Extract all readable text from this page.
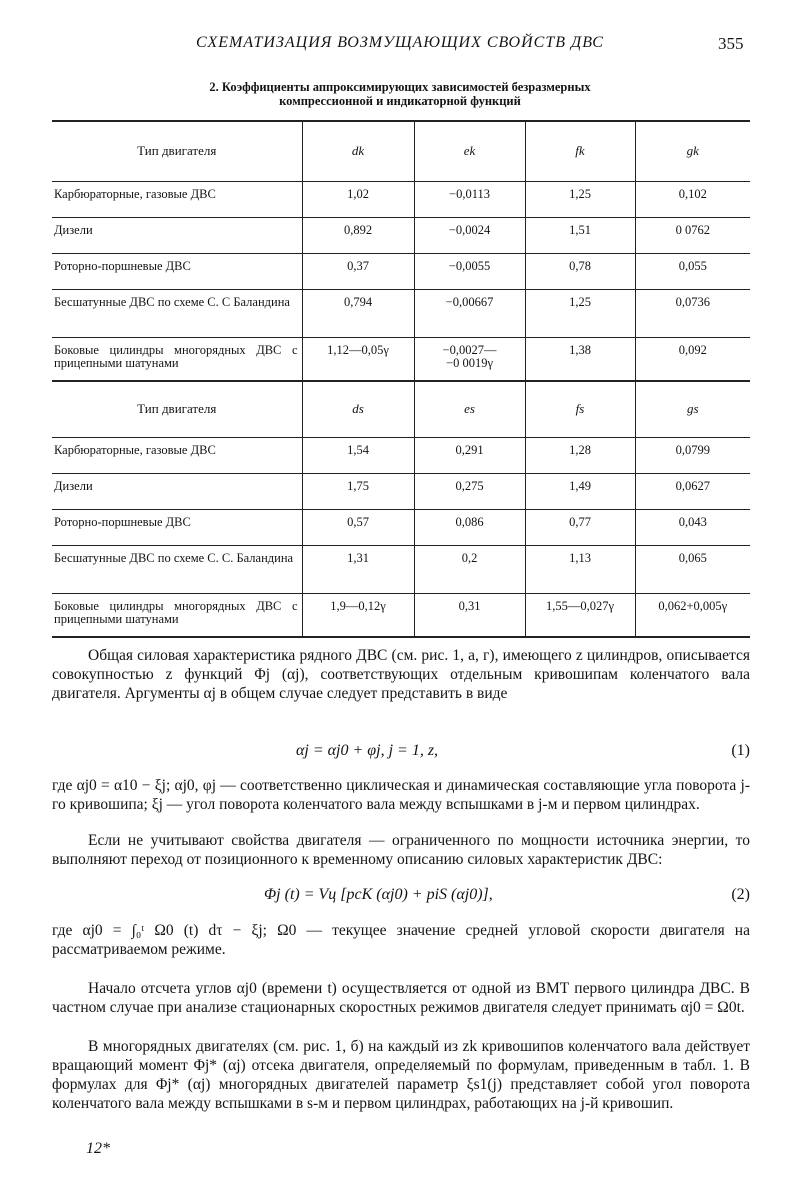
СХЕМАТИЗАЦИЯ ВОЗМУЩАЮЩИХ СВОЙСТВ ДВС	355
2. Коэффициенты аппроксимирующих зависимостей безразмерных
компрессионной и индикаторной функций
Тип двигателя	dk	ek	fk	gk
Карбюраторные, газовые ДВС	1,02	−0,0113	1,25	0,102
Дизели	0,892	−0,0024	1,51	0 0762
Роторно-поршневые ДВС	0,37	−0,0055	0,78	0,055
Бесшатунные ДВС по схеме С. С Баландина	0,794	−0,00667	1,25	0,0736
Боковые цилиндры многорядных ДВС с прицепными шатунами	1,12—0,05γ	−0,0027— −0 0019γ	1,38	0,092
Тип двигателя	ds	es	fs	gs
Карбюраторные, газовые ДВС	1,54	0,291	1,28	0,0799
Дизели	1,75	0,275	1,49	0,0627
Роторно-поршневые ДВС	0,57	0,086	0,77	0,043
Бесшатунные ДВС по схеме С. С. Баландина	1,31	0,2	1,13	0,065
Боковые цилиндры многорядных ДВС с прицепными шатунами	1,9—0,12γ	0,31	1,55—0,027γ	0,062+0,005γ

Общая силовая характеристика рядного ДВС (см. рис. 1, а, г), имеющего z цилиндров, описывается совокупностью z функций Φj (αj), соответствующих отдельным кривошипам коленчатого вала двигателя. Аргументы αj в общем случае следует представить в виде

αj = αj0 + φj, j = 1, z,	(1)

где αj0 = α10 − ξj; αj0, φj — соответственно циклическая и динамическая составляющие угла поворота j-го кривошипа; ξj — угол поворота коленчатого вала между вспышками в j-м и первом цилиндрах.

Если не учитывают свойства двигателя — ограниченного по мощности источника энергии, то выполняют переход от позиционного к временному описанию силовых характеристик ДВС:

Φj (t) = Vц [pcK (αj0) + piS (αj0)],	(2)

где αj0 = ∫₀ᵗ Ω0 (t) dτ − ξj; Ω0 — текущее значение средней угловой скорости двигателя на рассматриваемом режиме.

Начало отсчета углов αj0 (времени t) осуществляется от одной из ВМТ первого цилиндра ДВС. В частном случае при анализе стационарных скоростных режимов двигателя следует принимать αj0 = Ω0t.

В многорядных двигателях (см. рис. 1, б) на каждый из zk кривошипов коленчатого вала действует вращающий момент Φj* (αj) отсека двигателя, определяемый по формулам, приведенным в табл. 1. В формулах для Φj* (αj) многорядных двигателей параметр ξs1(j) представляет собой угол поворота коленчатого вала между вспышками в s-м и первом цилиндрах, работающих на j-й кривошип.

12*
